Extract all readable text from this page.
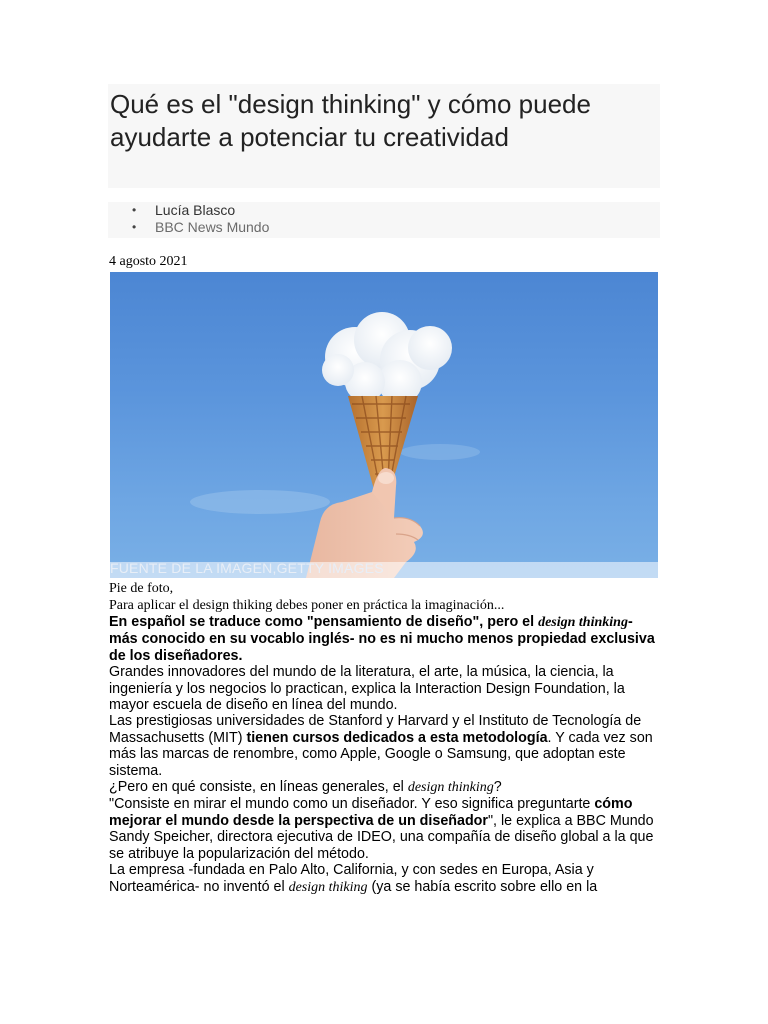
Qué es el "design thinking" y cómo puede ayudarte a potenciar tu creatividad
• Lucía Blasco
• BBC News Mundo
4 agosto 2021
FUENTE DE LA IMAGEN,GETTY IMAGES
Pie de foto,
Para aplicar el design thiking debes poner en práctica la imaginación...

En español se traduce como "pensamiento de diseño", pero el design thinking- más conocido en su vocablo inglés- no es ni mucho menos propiedad exclusiva de los diseñadores.

Grandes innovadores del mundo de la literatura, el arte, la música, la ciencia, la ingeniería y los negocios lo practican, explica la Interaction Design Foundation, la mayor escuela de diseño en línea del mundo.

Las prestigiosas universidades de Stanford y Harvard y el Instituto de Tecnología de Massachusetts (MIT) tienen cursos dedicados a esta metodología. Y cada vez son más las marcas de renombre, como Apple, Google o Samsung, que adoptan este sistema.

¿Pero en qué consiste, en líneas generales, el design thinking?

"Consiste en mirar el mundo como un diseñador. Y eso significa preguntarte cómo mejorar el mundo desde la perspectiva de un diseñador", le explica a BBC Mundo Sandy Speicher, directora ejecutiva de IDEO, una compañía de diseño global a la que se atribuye la popularización del método.

La empresa -fundada en Palo Alto, California, y con sedes en Europa, Asia y Norteamérica- no inventó el design thiking (ya se había escrito sobre ello en la
